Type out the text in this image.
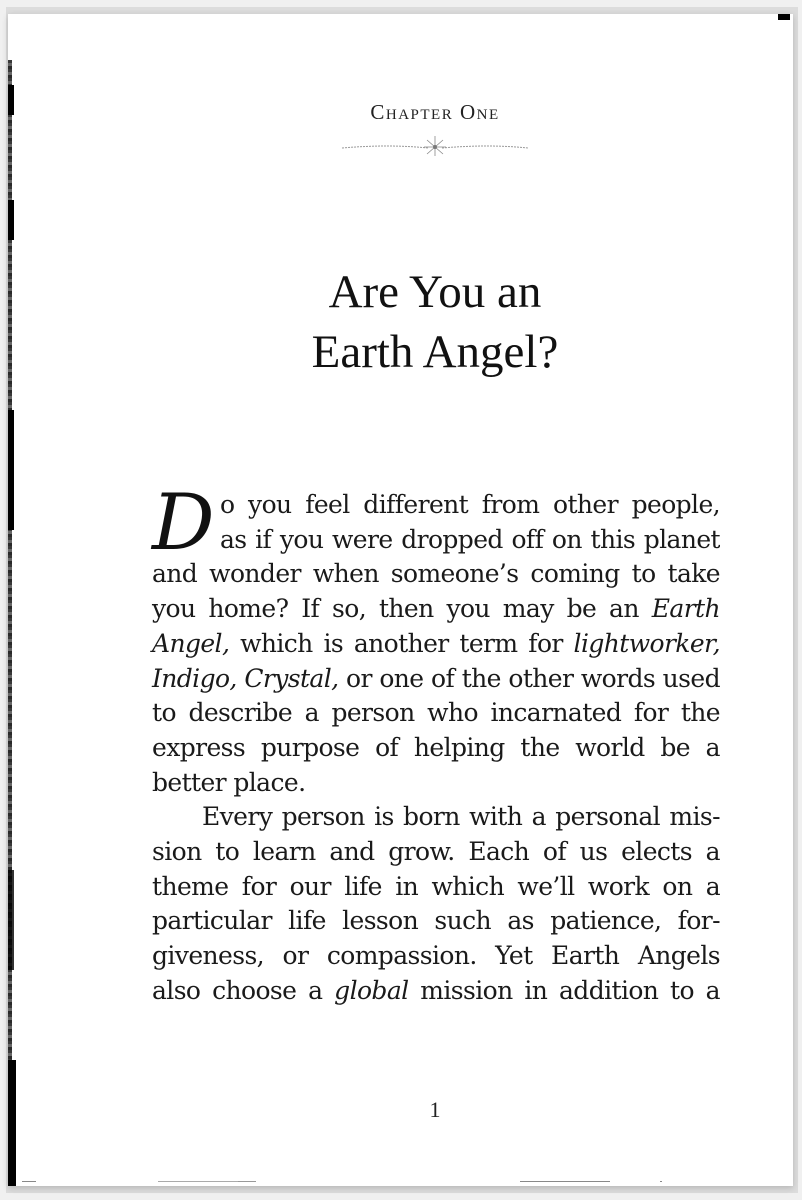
Chapter One
Are You an
Earth Angel?
D o you feel different from other people,
as if you were dropped off on this planet
and wonder when someone’s coming to take
you home? If so, then you may be an Earth
Angel, which is another term for lightworker,
Indigo, Crystal, or one of the other words used
to describe a person who incarnated for the
express purpose of helping the world be a
better place.
Every person is born with a personal mis-
sion to learn and grow. Each of us elects a
theme for our life in which we’ll work on a
particular life lesson such as patience, for-
giveness, or compassion. Yet Earth Angels
also choose a global mission in addition to a
1
